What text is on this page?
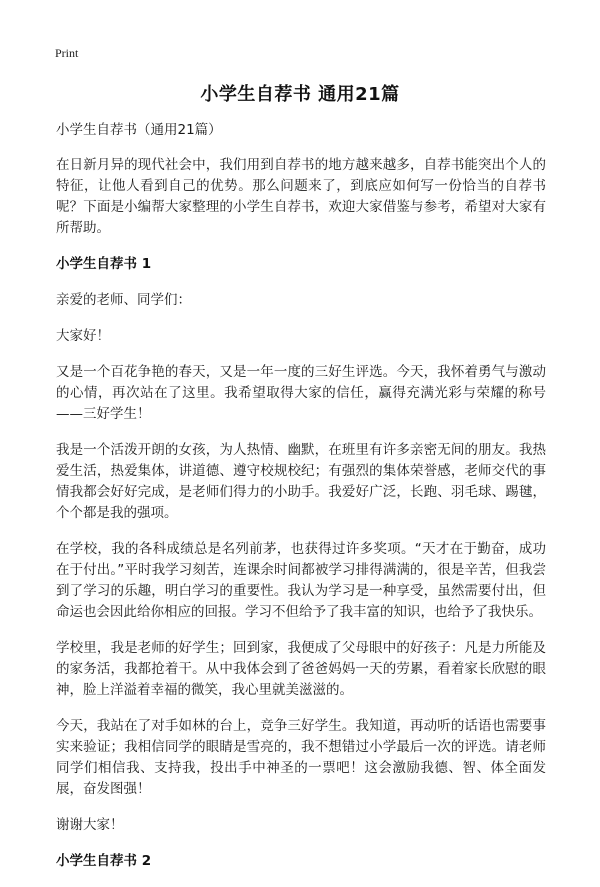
Print
小学生自荐书 通用21篇

小学生自荐书（通用21篇）

在日新月异的现代社会中，我们用到自荐书的地方越来越多，自荐书能突出个人的特征，让他人看到自己的优势。那么问题来了，到底应如何写一份恰当的自荐书呢？下面是小编帮大家整理的小学生自荐书，欢迎大家借鉴与参考，希望对大家有所帮助。

小学生自荐书 1

亲爱的老师、同学们：

大家好！

又是一个百花争艳的春天，又是一年一度的三好生评选。今天，我怀着勇气与激动的心情，再次站在了这里。我希望取得大家的信任，赢得充满光彩与荣耀的称号——三好学生！

我是一个活泼开朗的女孩，为人热情、幽默，在班里有许多亲密无间的朋友。我热爱生活，热爱集体，讲道德、遵守校规校纪；有强烈的集体荣誉感，老师交代的事情我都会好好完成，是老师们得力的小助手。我爱好广泛，长跑、羽毛球、踢毽，个个都是我的强项。

在学校，我的各科成绩总是名列前茅，也获得过许多奖项。“天才在于勤奋，成功在于付出。”平时我学习刻苦，连课余时间都被学习排得满满的，很是辛苦，但我尝到了学习的乐趣，明白学习的重要性。我认为学习是一种享受，虽然需要付出，但命运也会因此给你相应的回报。学习不但给予了我丰富的知识，也给予了我快乐。

学校里，我是老师的好学生；回到家，我便成了父母眼中的好孩子：凡是力所能及的家务活，我都抢着干。从中我体会到了爸爸妈妈一天的劳累，看着家长欣慰的眼神，脸上洋溢着幸福的微笑，我心里就美滋滋的。

今天，我站在了对手如林的台上，竞争三好学生。我知道，再动听的话语也需要事实来验证；我相信同学的眼睛是雪亮的，我不想错过小学最后一次的评选。请老师同学们相信我、支持我，投出手中神圣的一票吧！这会激励我德、智、体全面发展，奋发图强！

谢谢大家！

小学生自荐书 2
